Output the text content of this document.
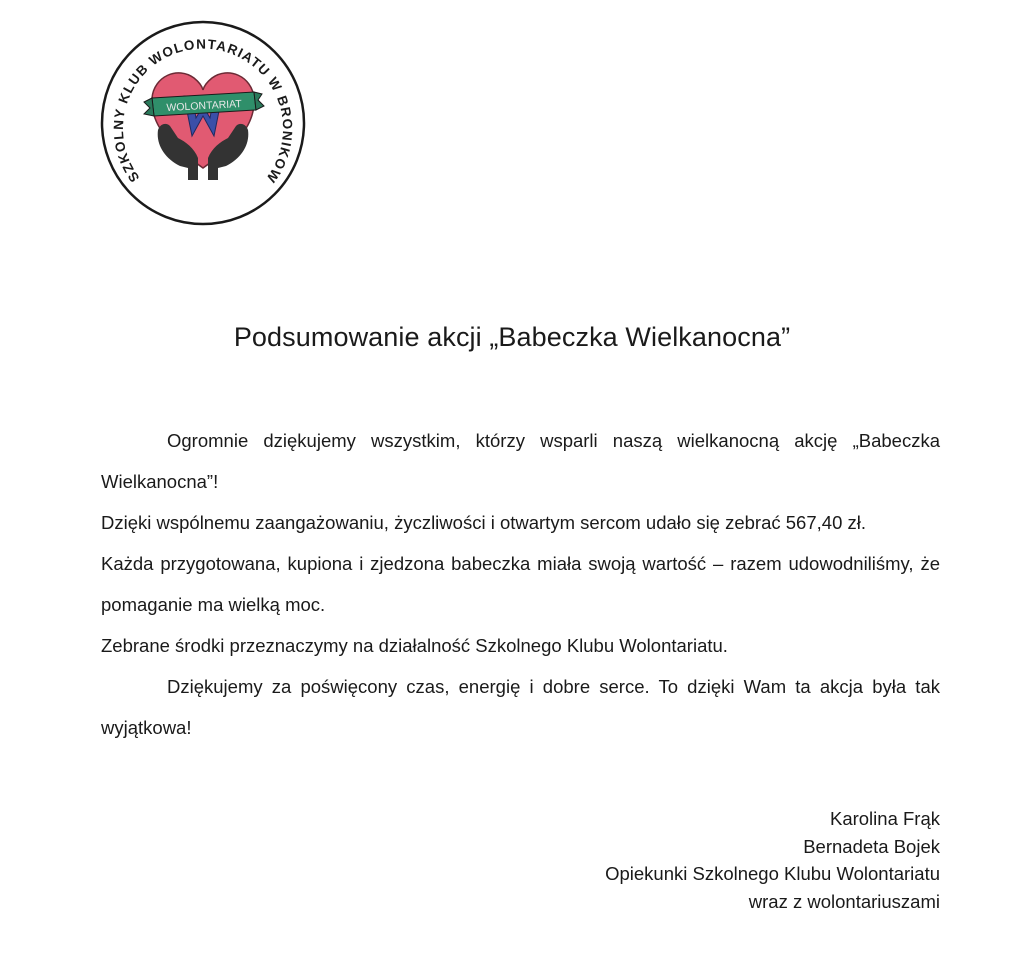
SZKOLNY KLUB WOLONTARIATU W BRONIKOW
WOLONTARIAT
Podsumowanie akcji „Babeczka Wielkanocna”

Ogromnie dziękujemy wszystkim, którzy wsparli naszą wielkanocną akcję „Babeczka Wielkanocna”!

Dzięki wspólnemu zaangażowaniu, życzliwości i otwartym sercom udało się zebrać 567,40 zł.

Każda przygotowana, kupiona i zjedzona babeczka miała swoją wartość – razem udowodniliśmy, że pomaganie ma wielką moc.

Zebrane środki przeznaczymy na działalność Szkolnego Klubu Wolontariatu.

Dziękujemy za poświęcony czas, energię i dobre serce. To dzięki Wam ta akcja była tak wyjątkowa!

Karolina Frąk
Bernadeta Bojek
Opiekunki Szkolnego Klubu Wolontariatu
wraz z wolontariuszami
